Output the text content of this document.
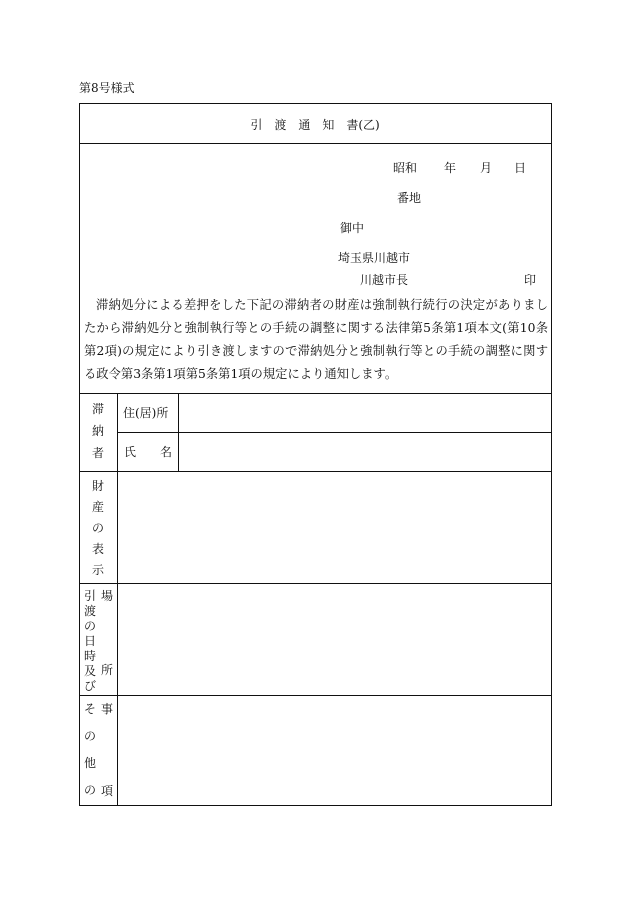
第8号様式
引　渡　通　知　書(乙)
昭和 年 月 日
番地
御中
埼玉県川越市
川越市長	印

滞納処分による差押をした下記の滞納者の財産は強制執行続行の決定がありましたから滞納処分と強制執行等との手続の調整に関する法律第5条第1項本文(第10条第2項)の規定により引き渡しますので滞納処分と強制執行等との手続の調整に関する政令第3条第1項第5条第1項の規定により通知します。

滞
納
者
住(居)所
氏　　名
財
産
の
表
示
引
渡
の
日
時
及
び
場
所
そ
の
他
の
事
項
